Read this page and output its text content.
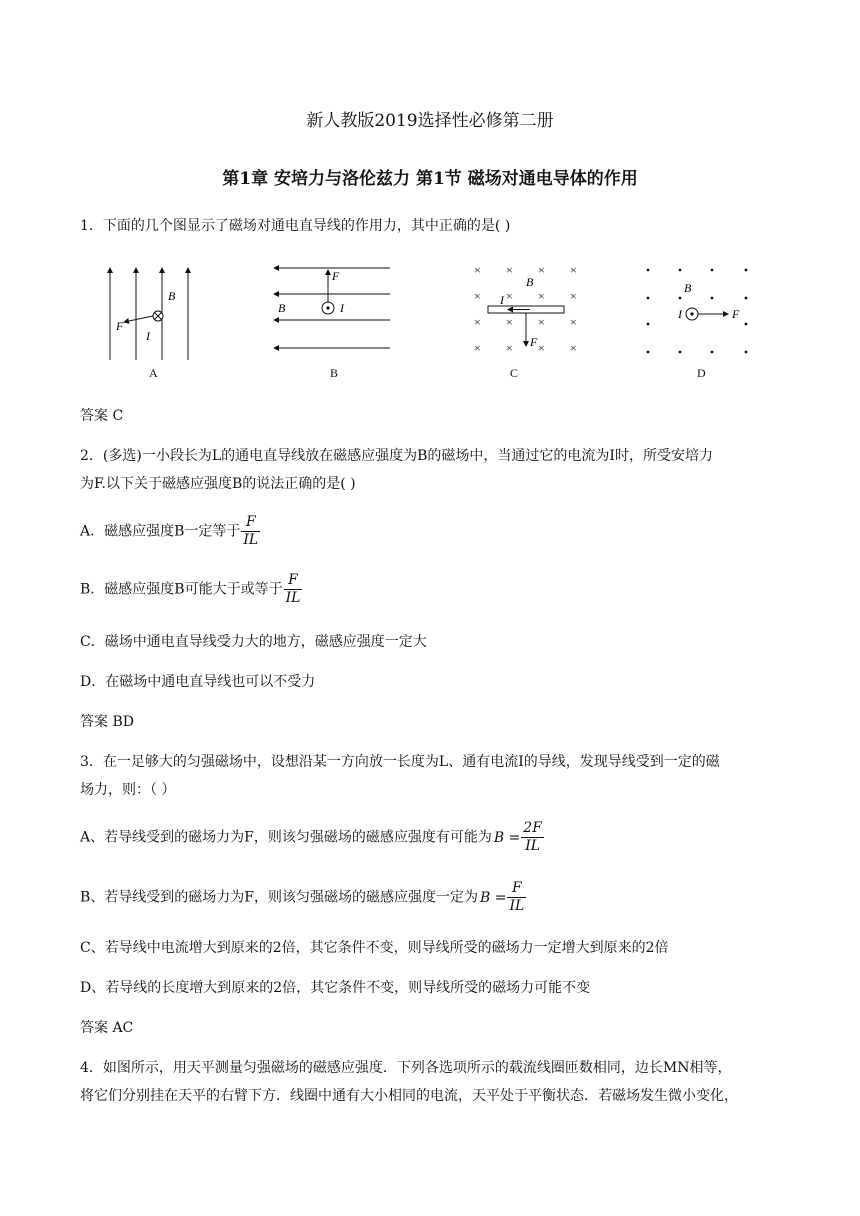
新人教版2019选择性必修第二册
第1章 安培力与洛伦兹力 第1节 磁场对通电导体的作用
1．下面的几个图显示了磁场对通电直导线的作用力，其中正确的是( )
B
F
I
A
F
B	I
B
× × × ×
× × × ×
× × × ×
× × × ×
B
I
F
C
B
I	F
D
答案 C
2．(多选)一小段长为L的通电直导线放在磁感应强度为B的磁场中，当通过它的电流为I时，所受安培力
为F.以下关于磁感应强度B的说法正确的是( )
A．磁感应强度B一定等于 $\frac{F}{IL}$
B．磁感应强度B可能大于或等于 $\frac{F}{IL}$
C．磁场中通电直导线受力大的地方，磁感应强度一定大
D．在磁场中通电直导线也可以不受力
答案 BD
3．在一足够大的匀强磁场中，设想沿某一方向放一长度为L、通有电流I的导线，发现导线受到一定的磁
场力，则：（ ）
A、若导线受到的磁场力为F，则该匀强磁场的磁感应强度有可能为 $B = \frac{2F}{IL}$
B、若导线受到的磁场力为F，则该匀强磁场的磁感应强度一定为 $B = \frac{F}{IL}$
C、若导线中电流增大到原来的2倍，其它条件不变，则导线所受的磁场力一定增大到原来的2倍
D、若导线的长度增大到原来的2倍，其它条件不变，则导线所受的磁场力可能不变
答案 AC
4．如图所示，用天平测量匀强磁场的磁感应强度．下列各选项所示的载流线圈匝数相同，边长MN相等，
将它们分别挂在天平的右臂下方．线圈中通有大小相同的电流，天平处于平衡状态．若磁场发生微小变化，
